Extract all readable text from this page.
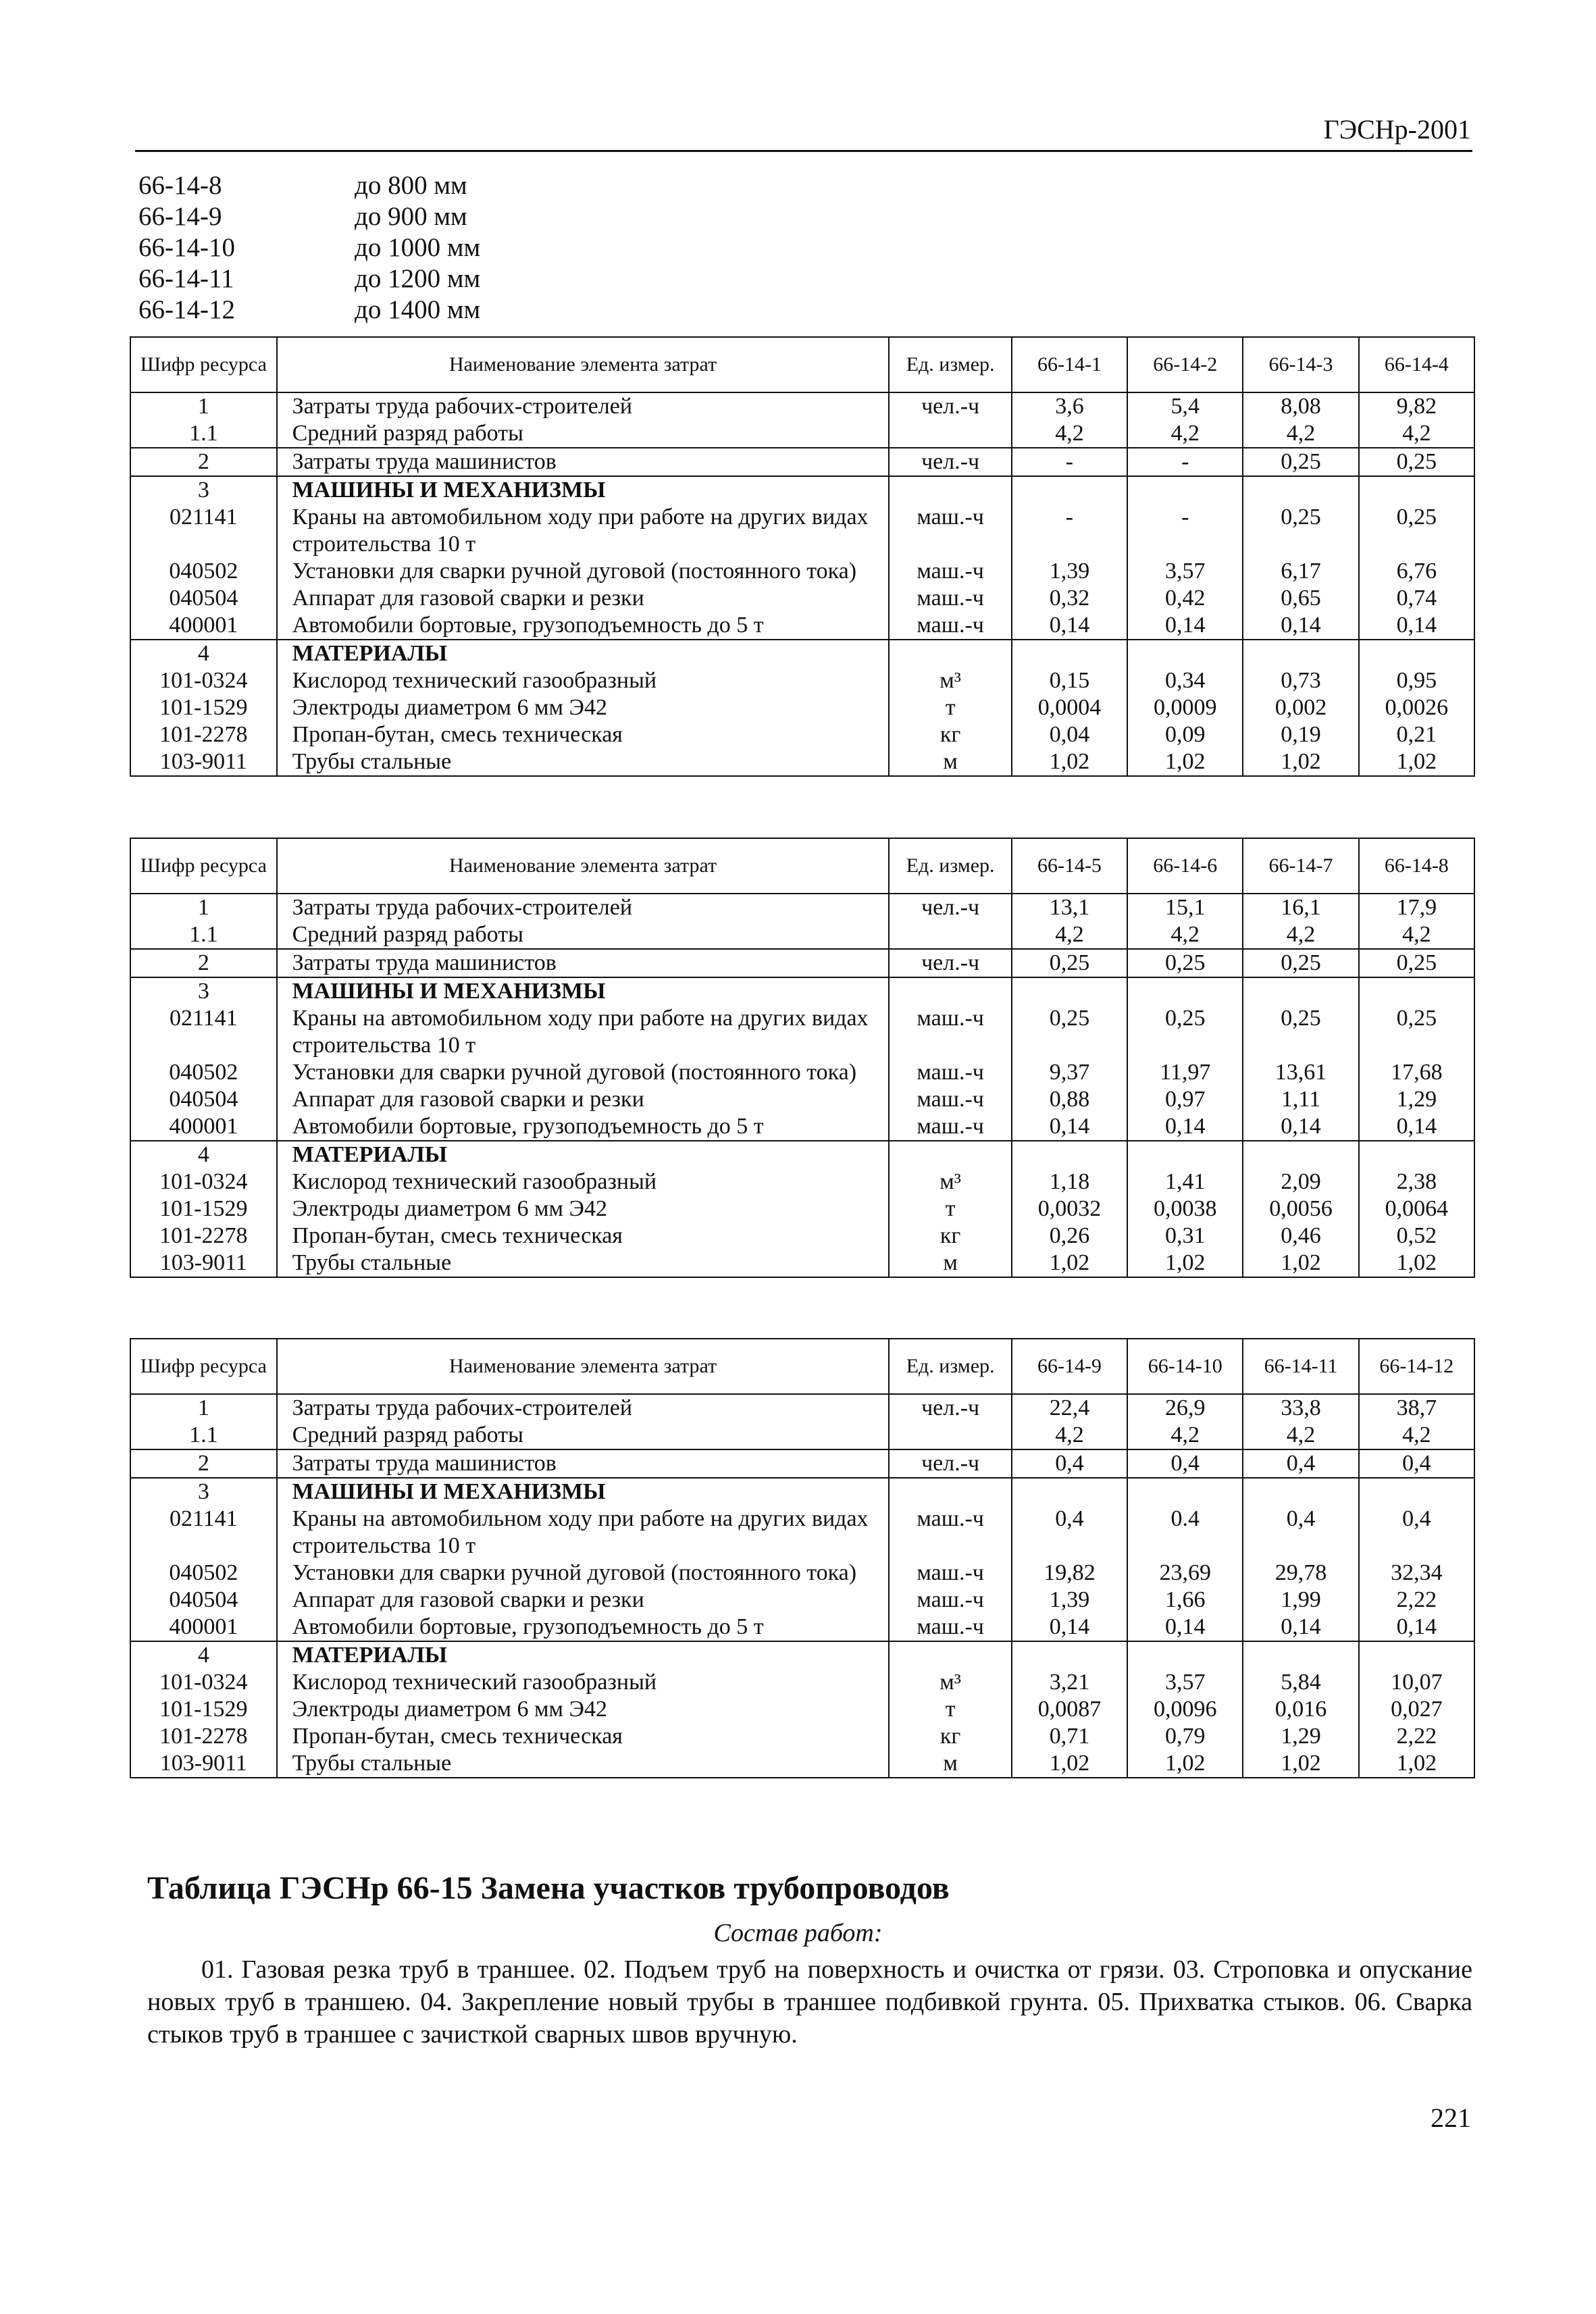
ГЭСНр-2001
66-14-8	до 800 мм
66-14-9	до 900 мм
66-14-10	до 1000 мм
66-14-11	до 1200 мм
66-14-12	до 1400 мм
Шифр ресурса	Наименование элемента затрат	Ед. измер.	66-14-1	66-14-2	66-14-3	66-14-4
1	Затраты труда рабочих-строителей	чел.-ч	3,6	5,4	8,08	9,82
1.1	Средний разряд работы		4,2	4,2	4,2	4,2
2	Затраты труда машинистов	чел.-ч	-	-	0,25	0,25
3	МАШИНЫ И МЕХАНИЗМЫ					
021141	Краны на автомобильном ходу при работе на других видах строительства 10 т	маш.-ч	-	-	0,25	0,25
040502	Установки для сварки ручной дуговой (постоянного тока)	маш.-ч	1,39	3,57	6,17	6,76
040504	Аппарат для газовой сварки и резки	маш.-ч	0,32	0,42	0,65	0,74
400001	Автомобили бортовые, грузоподъемность до 5 т	маш.-ч	0,14	0,14	0,14	0,14
4	МАТЕРИАЛЫ					
101-0324	Кислород технический газообразный	м³	0,15	0,34	0,73	0,95
101-1529	Электроды диаметром 6 мм Э42	т	0,0004	0,0009	0,002	0,0026
101-2278	Пропан-бутан, смесь техническая	кг	0,04	0,09	0,19	0,21
103-9011	Трубы стальные	м	1,02	1,02	1,02	1,02
Шифр ресурса	Наименование элемента затрат	Ед. измер.	66-14-5	66-14-6	66-14-7	66-14-8
1	Затраты труда рабочих-строителей	чел.-ч	13,1	15,1	16,1	17,9
1.1	Средний разряд работы		4,2	4,2	4,2	4,2
2	Затраты труда машинистов	чел.-ч	0,25	0,25	0,25	0,25
3	МАШИНЫ И МЕХАНИЗМЫ					
021141	Краны на автомобильном ходу при работе на других видах строительства 10 т	маш.-ч	0,25	0,25	0,25	0,25
040502	Установки для сварки ручной дуговой (постоянного тока)	маш.-ч	9,37	11,97	13,61	17,68
040504	Аппарат для газовой сварки и резки	маш.-ч	0,88	0,97	1,11	1,29
400001	Автомобили бортовые, грузоподъемность до 5 т	маш.-ч	0,14	0,14	0,14	0,14
4	МАТЕРИАЛЫ					
101-0324	Кислород технический газообразный	м³	1,18	1,41	2,09	2,38
101-1529	Электроды диаметром 6 мм Э42	т	0,0032	0,0038	0,0056	0,0064
101-2278	Пропан-бутан, смесь техническая	кг	0,26	0,31	0,46	0,52
103-9011	Трубы стальные	м	1,02	1,02	1,02	1,02
Шифр ресурса	Наименование элемента затрат	Ед. измер.	66-14-9	66-14-10	66-14-11	66-14-12
1	Затраты труда рабочих-строителей	чел.-ч	22,4	26,9	33,8	38,7
1.1	Средний разряд работы		4,2	4,2	4,2	4,2
2	Затраты труда машинистов	чел.-ч	0,4	0,4	0,4	0,4
3	МАШИНЫ И МЕХАНИЗМЫ					
021141	Краны на автомобильном ходу при работе на других видах строительства 10 т	маш.-ч	0,4	0.4	0,4	0,4
040502	Установки для сварки ручной дуговой (постоянного тока)	маш.-ч	19,82	23,69	29,78	32,34
040504	Аппарат для газовой сварки и резки	маш.-ч	1,39	1,66	1,99	2,22
400001	Автомобили бортовые, грузоподъемность до 5 т	маш.-ч	0,14	0,14	0,14	0,14
4	МАТЕРИАЛЫ					
101-0324	Кислород технический газообразный	м³	3,21	3,57	5,84	10,07
101-1529	Электроды диаметром 6 мм Э42	т	0,0087	0,0096	0,016	0,027
101-2278	Пропан-бутан, смесь техническая	кг	0,71	0,79	1,29	2,22
103-9011	Трубы стальные	м	1,02	1,02	1,02	1,02
Таблица ГЭСНр 66-15 Замена участков трубопроводов
Состав работ:
01. Газовая резка труб в траншее. 02. Подъем труб на поверхность и очистка от грязи. 03. Строповка и опускание новых труб в траншею. 04. Закрепление новый трубы в траншее подбивкой грунта. 05. Прихватка стыков. 06. Сварка стыков труб в траншее с зачисткой сварных швов вручную.
221
